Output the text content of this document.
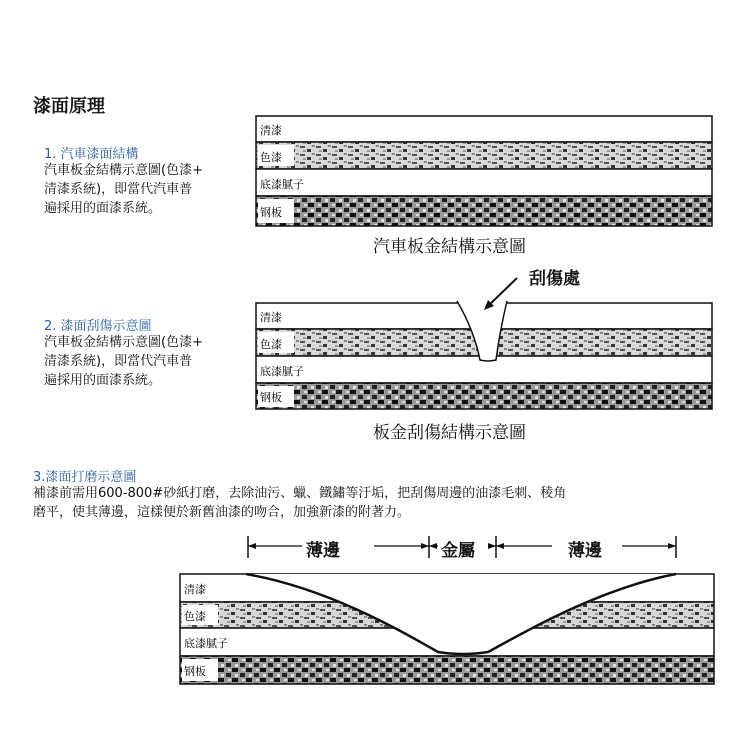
漆面原理
1. 汽車漆面結構
汽車板金結構示意圖(色漆+
清漆系統)，即當代汽車普
遍採用的面漆系統。
2. 漆面刮傷示意圖
汽車板金結構示意圖(色漆+
清漆系統)，即當代汽車普
遍採用的面漆系統。
3.漆面打磨示意圖
補漆前需用600-800#砂紙打磨，去除油污、蠟、鐵鏽等汙垢，把刮傷周邊的油漆毛刺、稜角
磨平，使其薄邊，這樣便於新舊油漆的吻合，加強新漆的附著力。
清漆
色漆
底漆膩子
钢板
汽車板金結構示意圖
清漆
色漆
底漆膩子
钢板
刮傷處
板金刮傷結構示意圖
清漆
色漆
底漆膩子
钢板
薄邊	金屬	薄邊
